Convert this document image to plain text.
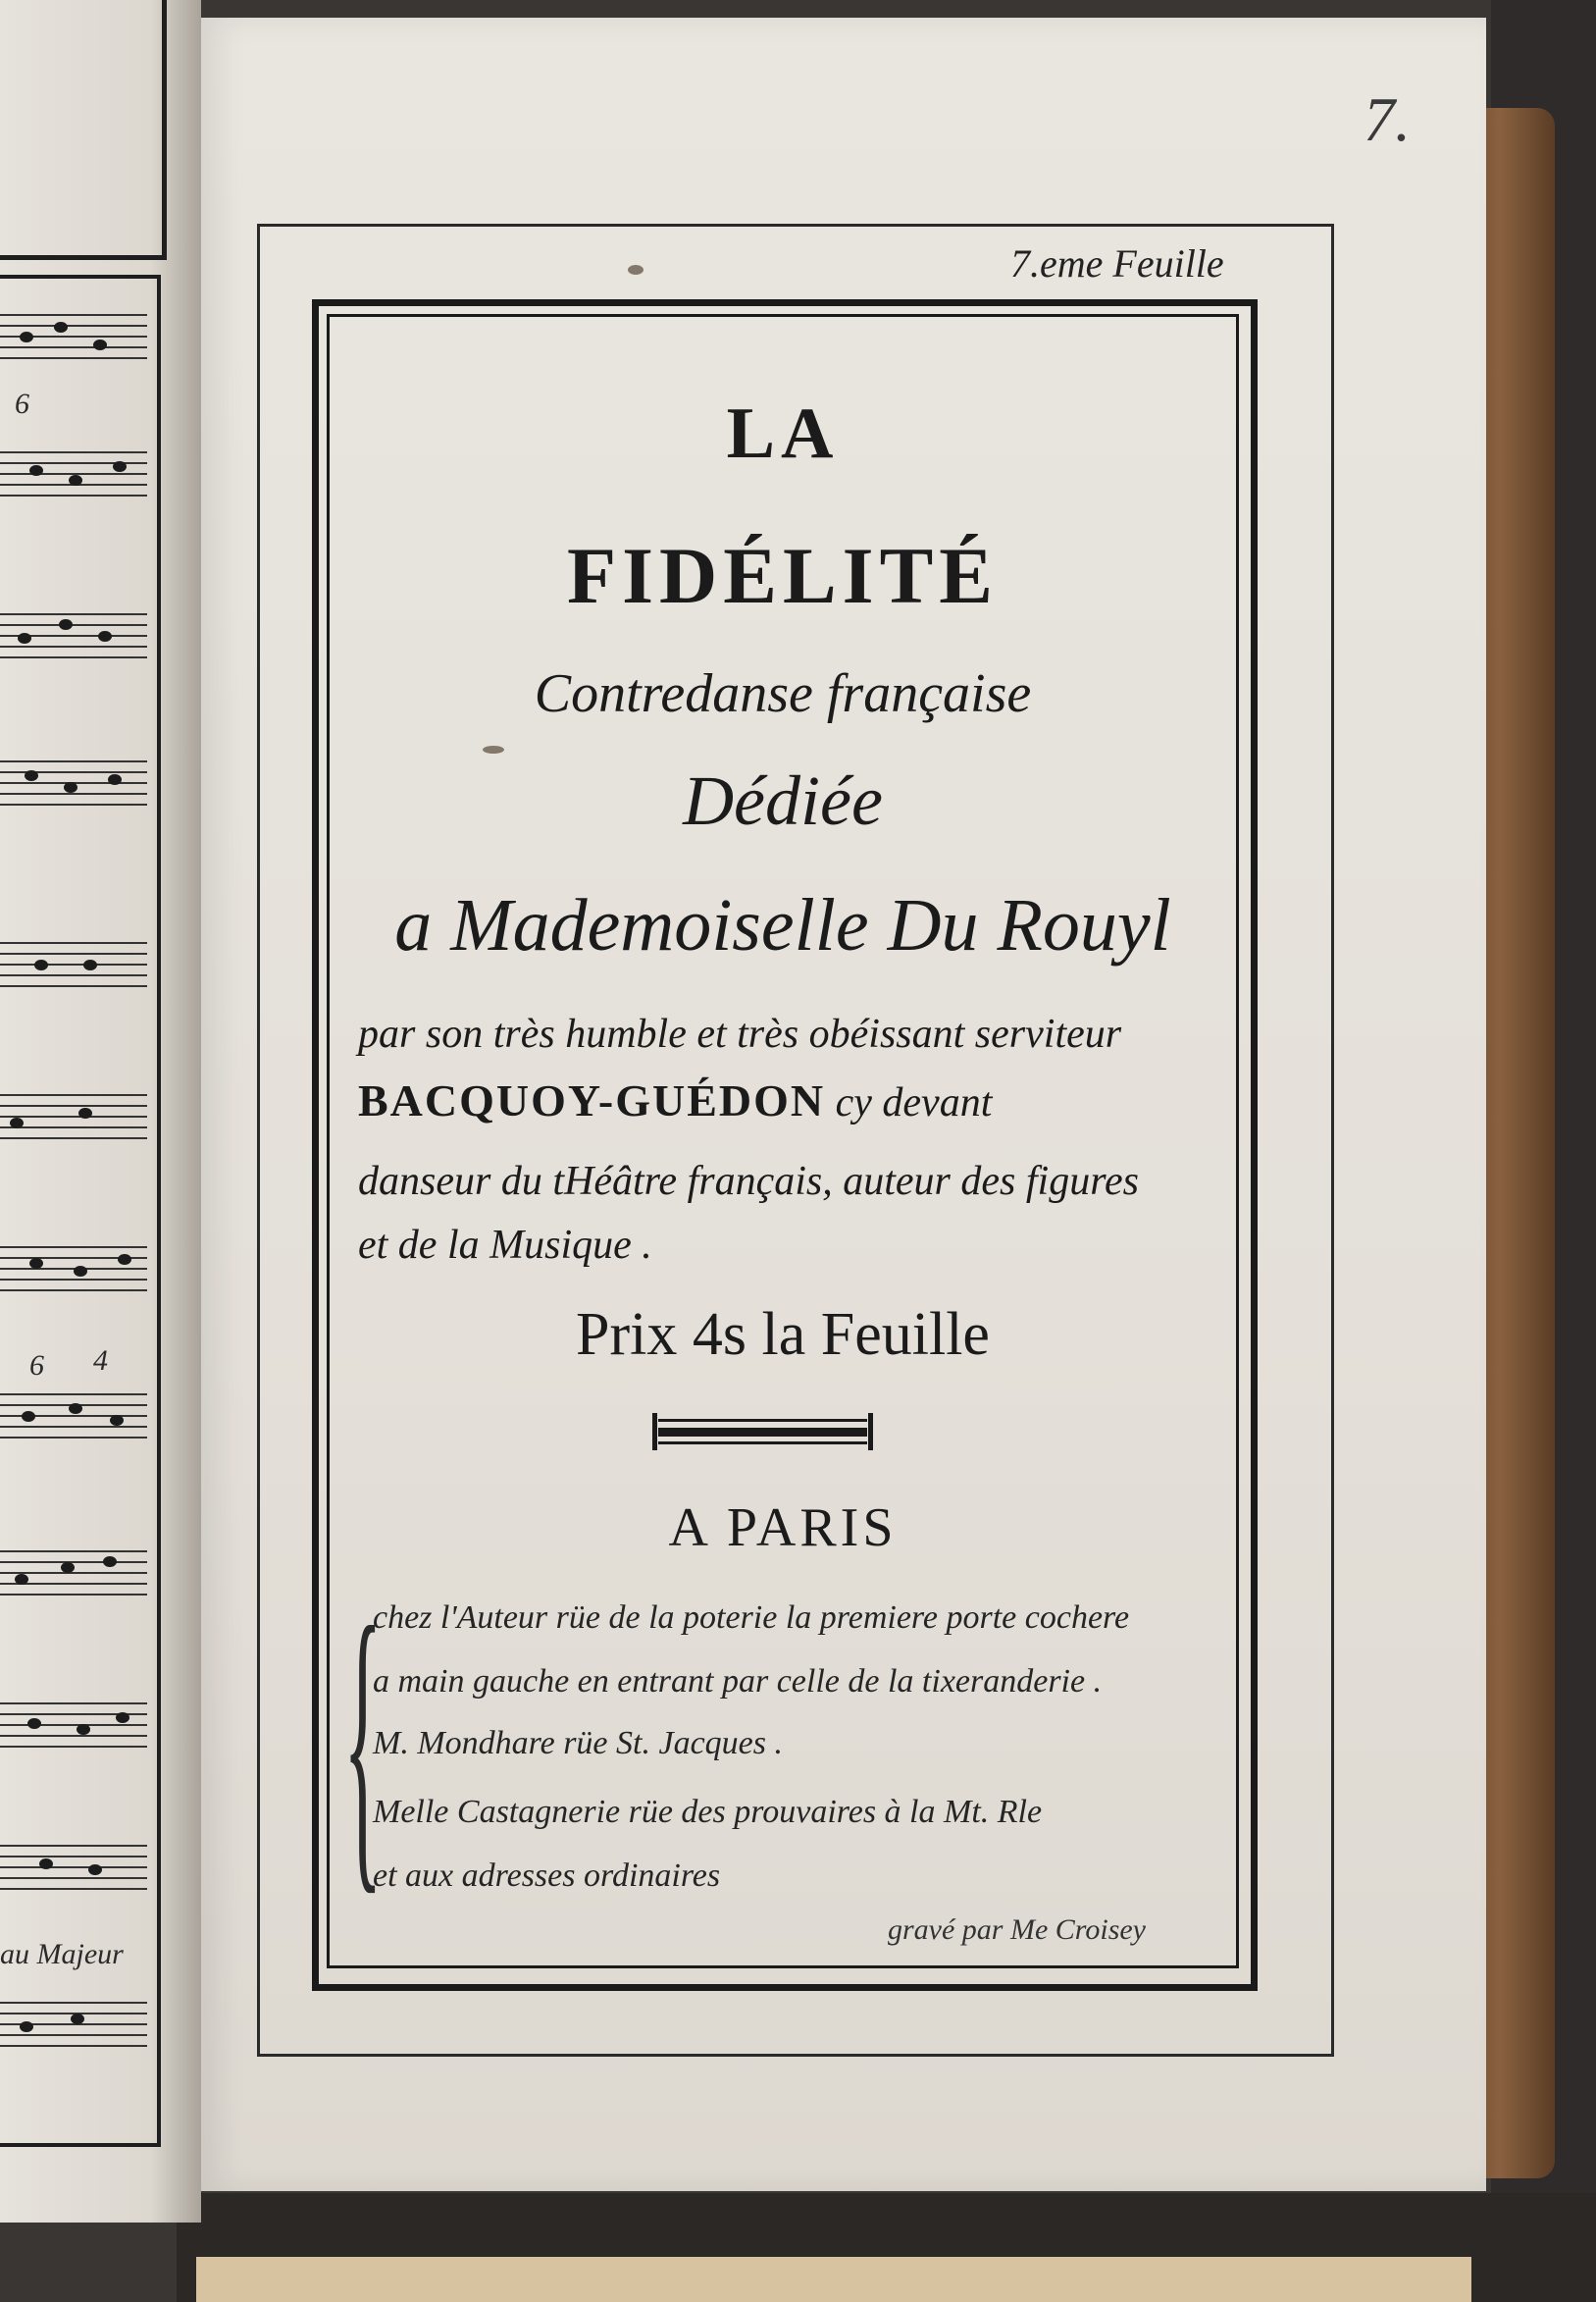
6
6 4
au Majeur
7.
7.eme Feuille
LA
FIDÉLITÉ
Contredanse française
Dédiée
a Mademoiselle Du Rouyl
par son très humble et très obéissant serviteur
BACQUOY-GUÉDON cy devant
danseur du tHéâtre français, auteur des figures
et de la Musique .
Prix 4s la Feuille
A PARIS
{
chez l'Auteur rüe de la poterie la premiere porte cochere
a main gauche en entrant par celle de la tixeranderie .
M. Mondhare rüe St. Jacques .
Melle Castagnerie rüe des prouvaires à la Mt. Rle
et aux adresses ordinaires
gravé par Me Croisey
